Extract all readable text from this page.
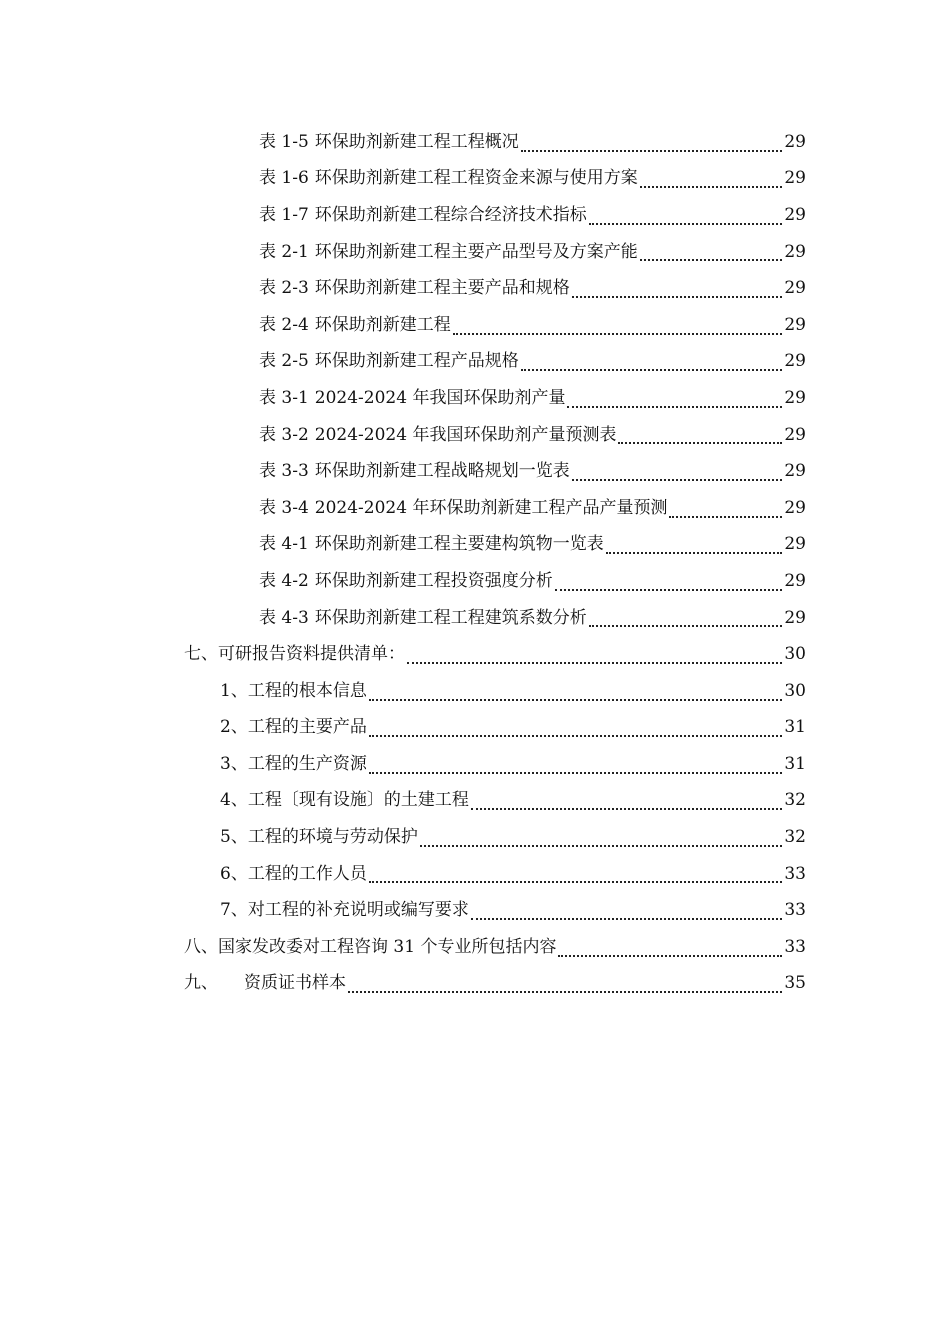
表 1-5 环保助剂新建工程工程概况	29
表 1-6 环保助剂新建工程工程资金来源与使用方案	29
表 1-7 环保助剂新建工程综合经济技术指标	29
表 2-1 环保助剂新建工程主要产品型号及方案产能	29
表 2-3 环保助剂新建工程主要产品和规格	29
表 2-4 环保助剂新建工程	29
表 2-5 环保助剂新建工程产品规格	29
表 3-1 2024-2024 年我国环保助剂产量	29
表 3-2 2024-2024 年我国环保助剂产量预测表	29
表 3-3 环保助剂新建工程战略规划一览表	29
表 3-4 2024-2024 年环保助剂新建工程产品产量预测	29
表 4-1 环保助剂新建工程主要建构筑物一览表	29
表 4-2 环保助剂新建工程投资强度分析	29
表 4-3 环保助剂新建工程工程建筑系数分析	29
七、可研报告资料提供清单：	30
1、工程的根本信息	30
2、工程的主要产品	31
3、工程的生产资源	31
4、工程〔现有设施〕的土建工程	32
5、工程的环境与劳动保护	32
6、工程的工作人员	33
7、对工程的补充说明或编写要求	33
八、国家发改委对工程咨询 31 个专业所包括内容	33
九、 资质证书样本	35
